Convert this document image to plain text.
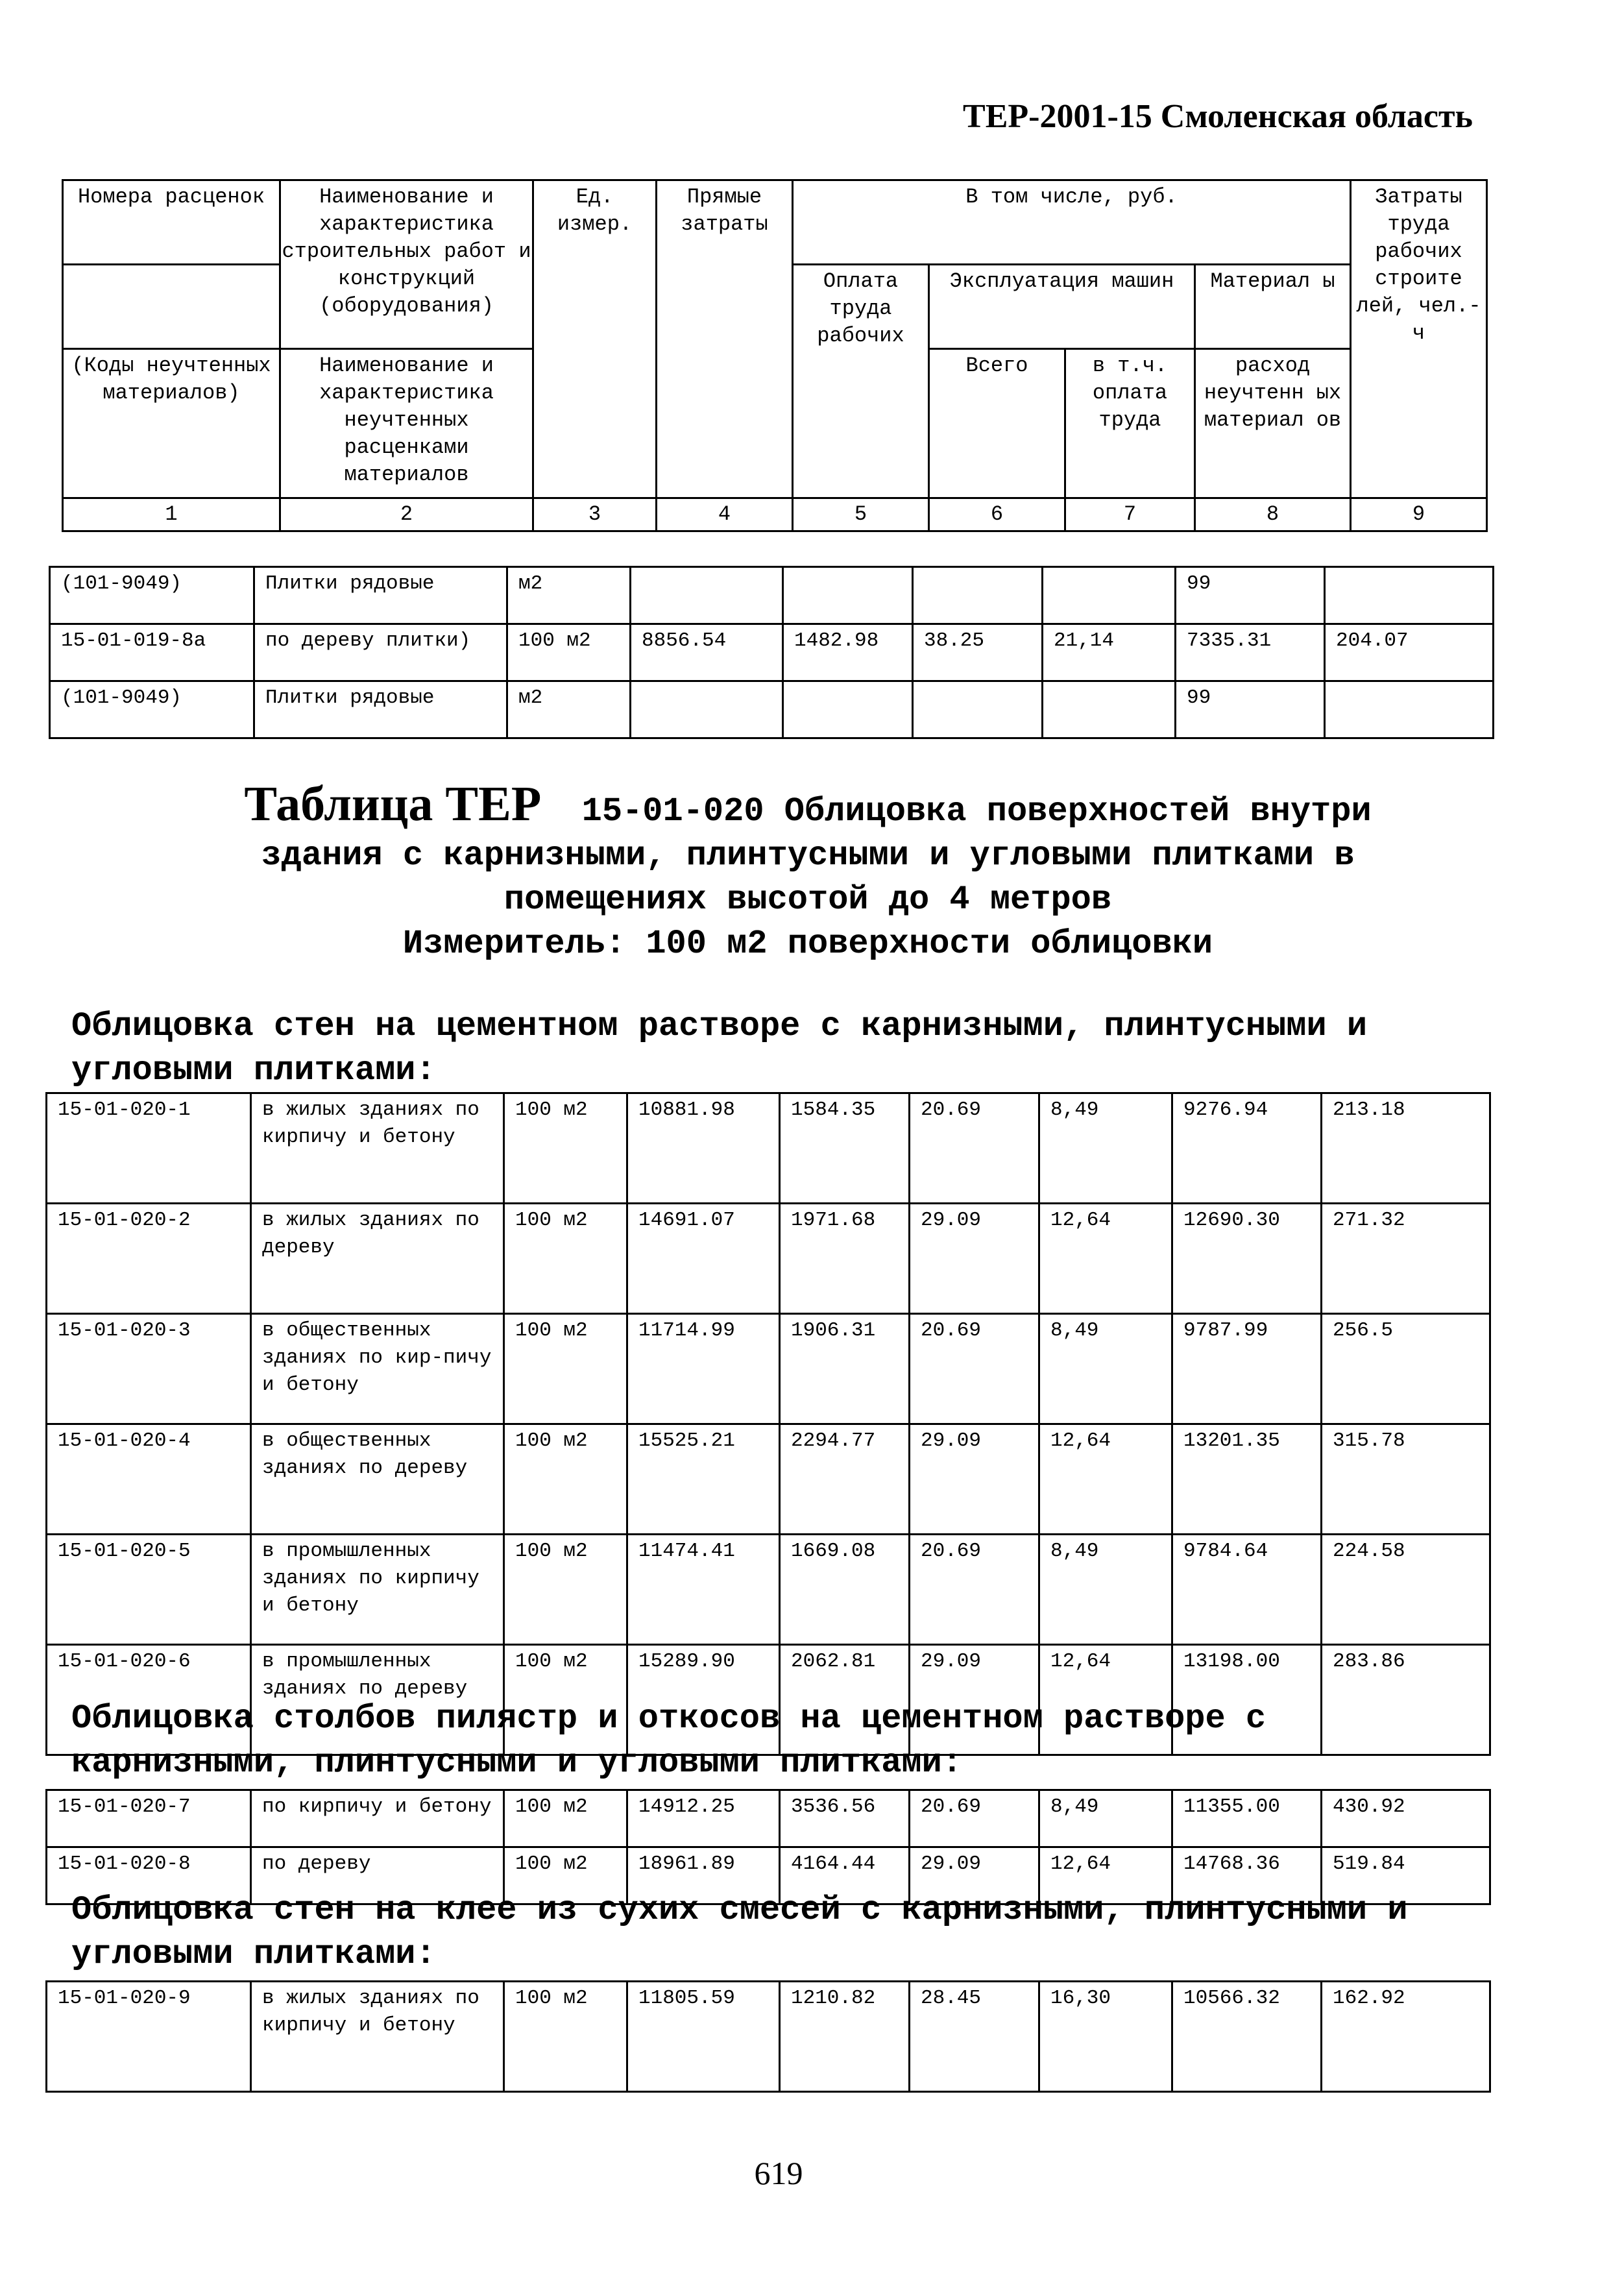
ТЕР-2001-15 Смоленская область
Номера расценок	Наименование и характеристика строительных работ и конструкций (оборудования)	Ед. измер.	Прямые затраты	В том числе, руб.				Затраты труда рабочих строите лей, чел.-ч
				Оплата труда рабочих	Эксплуатация машин		Материал ы	
(Коды неучтенных материалов)	Наименование и характеристика неучтенных расценками материалов				Всего	в т.ч. оплата труда	расход неучтенн ых материал ов	
1	2	3	4	5	6	7	8	9
(101-9049)	Плитки рядовые	м2					99	
15-01-019-8а	по дереву плитки)	100 м2	8856.54	1482.98	38.25	21,14	7335.31	204.07
(101-9049)	Плитки рядовые	м2					99	
Таблица ТЕР 15-01-020 Облицовка поверхностей внутри
здания с карнизными, плинтусными и угловыми плитками в
помещениях высотой до 4 метров
Измеритель: 100 м2 поверхности облицовки
Облицовка стен на цементном растворе с карнизными, плинтусными и угловыми плитками:
15-01-020-1	в жилых зданиях по кирпичу и бетону	100 м2	10881.98	1584.35	20.69	8,49	9276.94	213.18
15-01-020-2	в жилых зданиях по дереву	100 м2	14691.07	1971.68	29.09	12,64	12690.30	271.32
15-01-020-3	в общественных зданиях по кир-пичу и бетону	100 м2	11714.99	1906.31	20.69	8,49	9787.99	256.5
15-01-020-4	в общественных зданиях по дереву	100 м2	15525.21	2294.77	29.09	12,64	13201.35	315.78
15-01-020-5	в промышленных зданиях по кирпичу и бетону	100 м2	11474.41	1669.08	20.69	8,49	9784.64	224.58
15-01-020-6	в промышленных зданиях по дереву	100 м2	15289.90	2062.81	29.09	12,64	13198.00	283.86
Облицовка столбов пилястр и откосов на цементном растворе с карнизными, плинтусными и угловыми плитками:
15-01-020-7	по кирпичу и бетону	100 м2	14912.25	3536.56	20.69	8,49	11355.00	430.92
15-01-020-8	по дереву	100 м2	18961.89	4164.44	29.09	12,64	14768.36	519.84
Облицовка стен на клее из сухих смесей с карнизными, плинтусными и угловыми плитками:
15-01-020-9	в жилых зданиях по кирпичу и бетону	100 м2	11805.59	1210.82	28.45	16,30	10566.32	162.92
619
